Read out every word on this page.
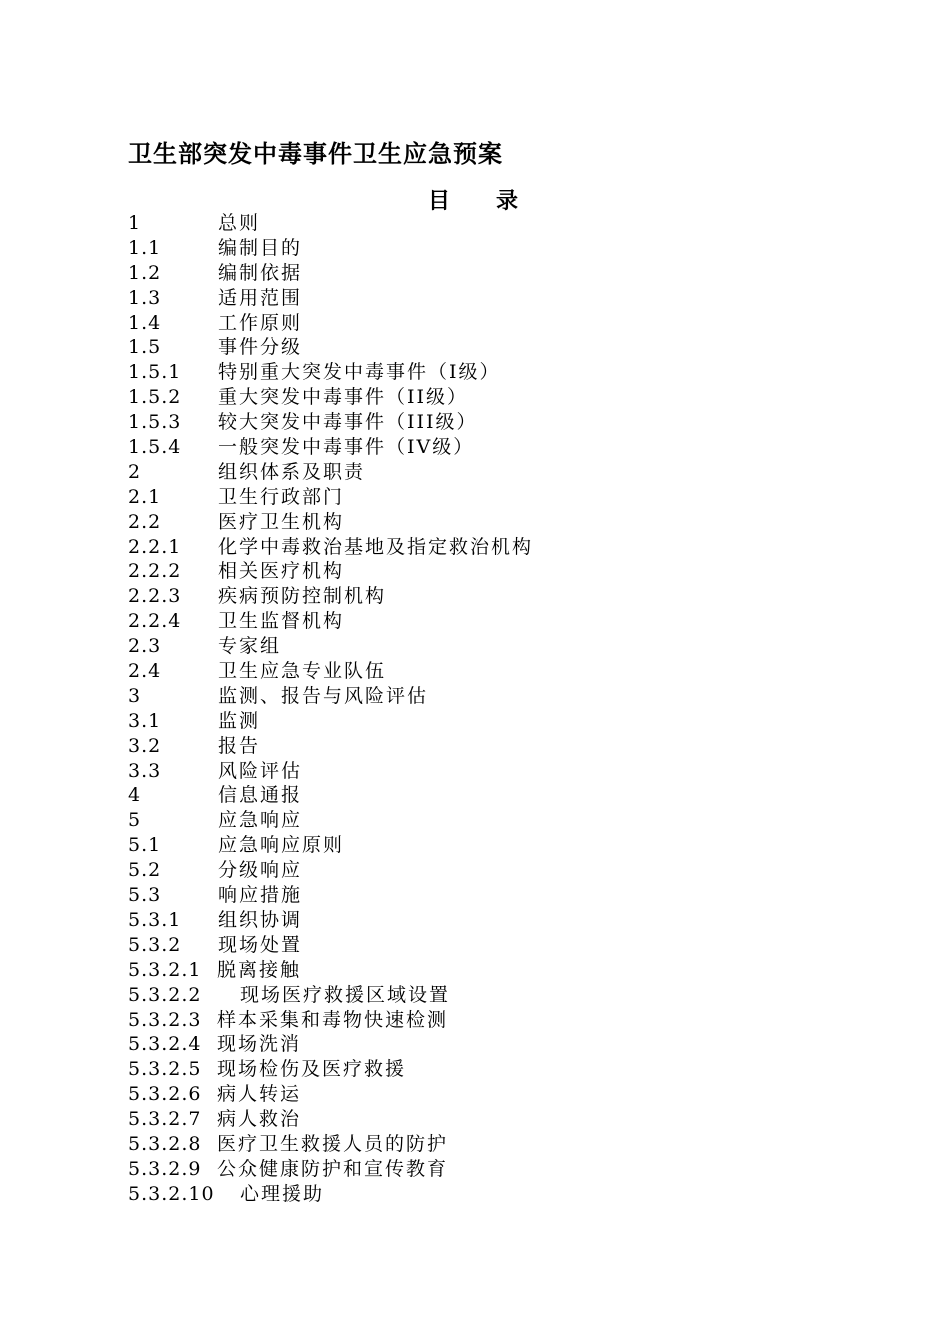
卫生部突发中毒事件卫生应急预案
目 录
1	总则
1.1	编制目的
1.2	编制依据
1.3	适用范围
1.4	工作原则
1.5	事件分级
1.5.1 特别重大突发中毒事件（I级）
1.5.2 重大突发中毒事件（II级）
1.5.3 较大突发中毒事件（III级）
1.5.4 一般突发中毒事件（IV级）
2	组织体系及职责
2.1	卫生行政部门
2.2	医疗卫生机构
2.2.1 化学中毒救治基地及指定救治机构
2.2.2 相关医疗机构
2.2.3 疾病预防控制机构
2.2.4 卫生监督机构
2.3	专家组
2.4	卫生应急专业队伍
3	监测、报告与风险评估
3.1	监测
3.2	报告
3.3	风险评估
4	信息通报
5	应急响应
5.1	应急响应原则
5.2	分级响应
5.3	响应措施
5.3.1 组织协调
5.3.2 现场处置
5.3.2.1 脱离接触
5.3.2.2 现场医疗救援区域设置
5.3.2.3 样本采集和毒物快速检测
5.3.2.4 现场洗消
5.3.2.5 现场检伤及医疗救援
5.3.2.6 病人转运
5.3.2.7 病人救治
5.3.2.8 医疗卫生救援人员的防护
5.3.2.9 公众健康防护和宣传教育
5.3.2.10 心理援助
